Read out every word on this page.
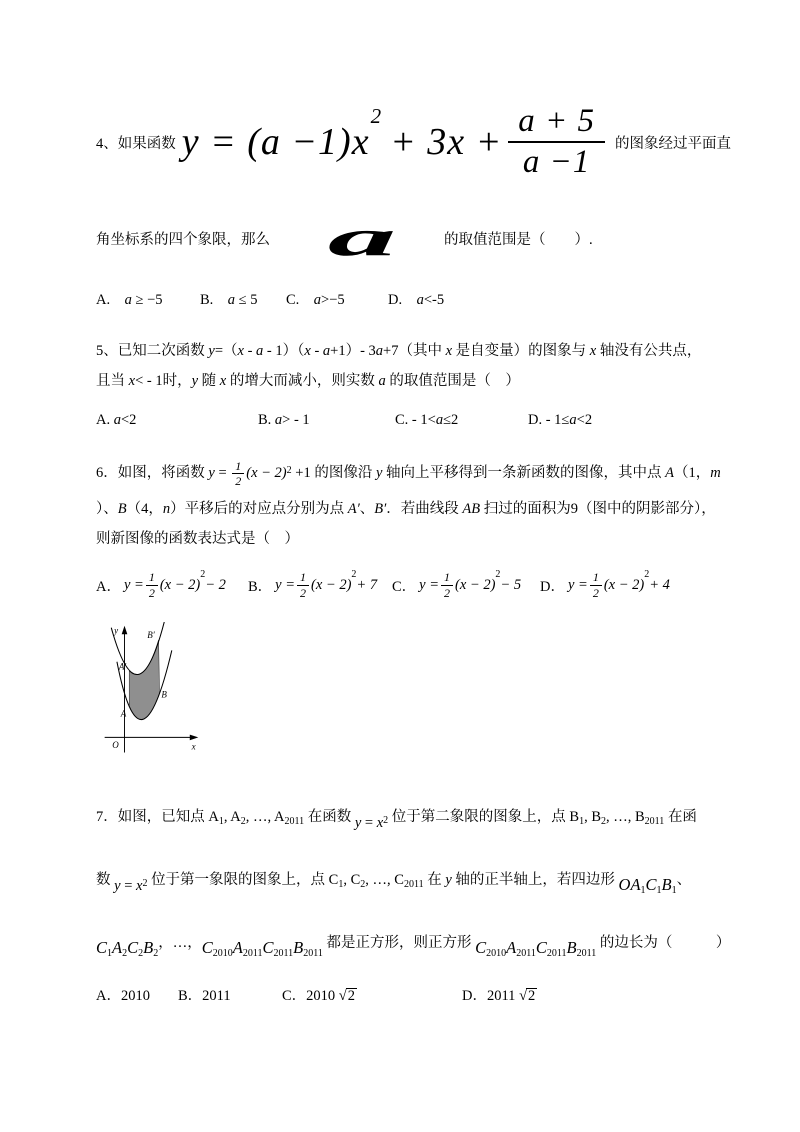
4、如果函数 y = (a −1)x
2
+ $3x + \frac{a + 5}{a -1}$ 的图象经过平面直
角坐标系的四个象限，那么 a	的取值范围是（　　）.
A.　a ≥ −5	B.　a ≤ 5	C.　a>−5	D.　a<-5
5、已知二次函数 y=（x - a - 1）（x - a+1）- 3a+7（其中 x 是自变量）的图象与 x 轴没有公共点，
且当 x< - 1时，y 随 x 的增大而减小，则实数 a 的取值范围是（　）
A. a<2	B. a> - 1	C. - 1<a≤2	D. - 1≤a<2
6．如图，将函数 $y = \frac{1}{2} (x - 2)^2 +1$ 的图像沿 y 轴向上平移得到一条新函数的图像，其中点 A（1，m
）、B（4，n）平移后的对应点分别为点 A′、B′．若曲线段 AB 扫过的面积为9（图中的阴影部分），
则新图像的函数表达式是（　）
A． $y = \frac{1}{2} (x - 2)$
2
− 2 B． $y = \frac{1}{2} (x - 2)$
2
+ 7 C． $y = \frac{1}{2} (x - 2)$
2
− 5 D． $y = \frac{1}{2} (x - 2)$
2
+ 4
y
x
O
A′
B′
B
A
7．如图，已知点 $A_1$, $A_2$, …, $A_{2011}$ 在函数 $y = x^2$ 位于第二象限的图象上，点 $B_1$, $B_2$, …, $B_{2011}$ 在函
数 $y = x^2$ 位于第一象限的图象上，点 $C_1$, $C_2$, …, $C_{2011}$ 在 y 轴的正半轴上，若四边形 $OA_1C_1B_1$、
$C_1A_2C_2B_2$，…，$C_{2010}A_{2011}C_{2011}B_{2011}$ 都是正方形，则正方形 $C_{2010}A_{2011}C_{2011}B_{2011}$ 的边长为（　　　）
A．2010	B．2011	C．2010 √2	D．2011 √2
